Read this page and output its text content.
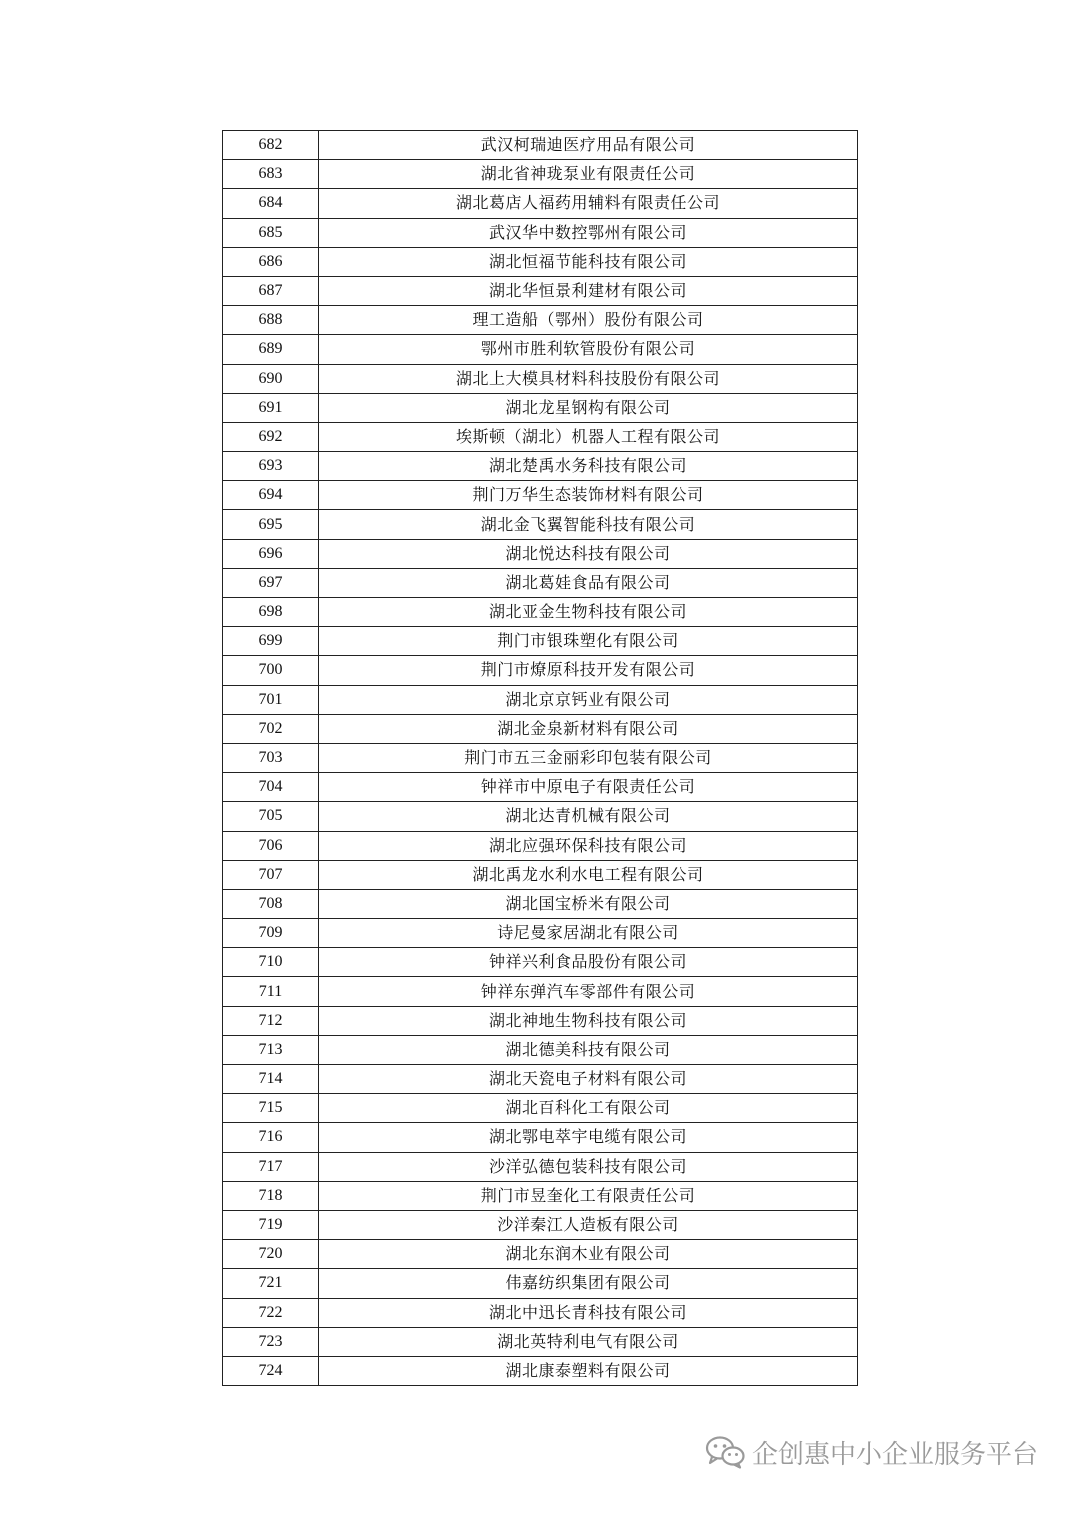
682	武汉柯瑞迪医疗用品有限公司
683	湖北省神珑泵业有限责任公司
684	湖北葛店人福药用辅料有限责任公司
685	武汉华中数控鄂州有限公司
686	湖北恒福节能科技有限公司
687	湖北华恒景利建材有限公司
688	理工造船（鄂州）股份有限公司
689	鄂州市胜利软管股份有限公司
690	湖北上大模具材料科技股份有限公司
691	湖北龙星钢构有限公司
692	埃斯顿（湖北）机器人工程有限公司
693	湖北楚禹水务科技有限公司
694	荆门万华生态装饰材料有限公司
695	湖北金飞翼智能科技有限公司
696	湖北悦达科技有限公司
697	湖北葛娃食品有限公司
698	湖北亚金生物科技有限公司
699	荆门市银珠塑化有限公司
700	荆门市燎原科技开发有限公司
701	湖北京京钙业有限公司
702	湖北金泉新材料有限公司
703	荆门市五三金丽彩印包装有限公司
704	钟祥市中原电子有限责任公司
705	湖北达青机械有限公司
706	湖北应强环保科技有限公司
707	湖北禹龙水利水电工程有限公司
708	湖北国宝桥米有限公司
709	诗尼曼家居湖北有限公司
710	钟祥兴利食品股份有限公司
711	钟祥东弹汽车零部件有限公司
712	湖北神地生物科技有限公司
713	湖北德美科技有限公司
714	湖北天瓷电子材料有限公司
715	湖北百科化工有限公司
716	湖北鄂电萃宇电缆有限公司
717	沙洋弘德包装科技有限公司
718	荆门市昱奎化工有限责任公司
719	沙洋秦江人造板有限公司
720	湖北东润木业有限公司
721	伟嘉纺织集团有限公司
722	湖北中迅长青科技有限公司
723	湖北英特利电气有限公司
724	湖北康泰塑料有限公司
企创惠中小企业服务平台
